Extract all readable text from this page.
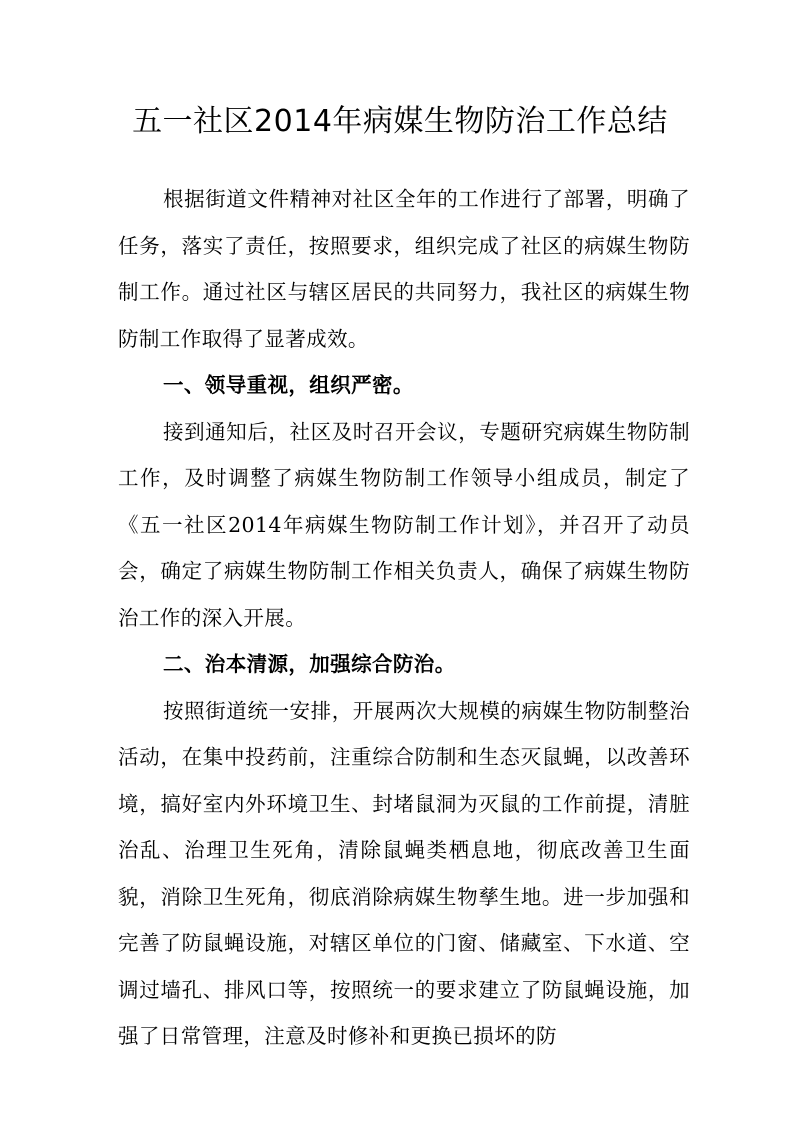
五一社区2014年病媒生物防治工作总结

根据街道文件精神对社区全年的工作进行了部署，明确了任务，落实了责任，按照要求，组织完成了社区的病媒生物防制工作。通过社区与辖区居民的共同努力，我社区的病媒生物防制工作取得了显著成效。

一、领导重视，组织严密。

接到通知后，社区及时召开会议，专题研究病媒生物防制工作，及时调整了病媒生物防制工作领导小组成员，制定了《五一社区2014年病媒生物防制工作计划》，并召开了动员会，确定了病媒生物防制工作相关负责人，确保了病媒生物防治工作的深入开展。

二、治本清源，加强综合防治。

按照街道统一安排，开展两次大规模的病媒生物防制整治活动，在集中投药前，注重综合防制和生态灭鼠蝇，以改善环境，搞好室内外环境卫生、封堵鼠洞为灭鼠的工作前提，清脏治乱、治理卫生死角，清除鼠蝇类栖息地，彻底改善卫生面貌，消除卫生死角，彻底消除病媒生物孳生地。进一步加强和完善了防鼠蝇设施，对辖区单位的门窗、储藏室、下水道、空调过墙孔、排风口等，按照统一的要求建立了防鼠蝇设施，加强了日常管理，注意及时修补和更换已损坏的防
